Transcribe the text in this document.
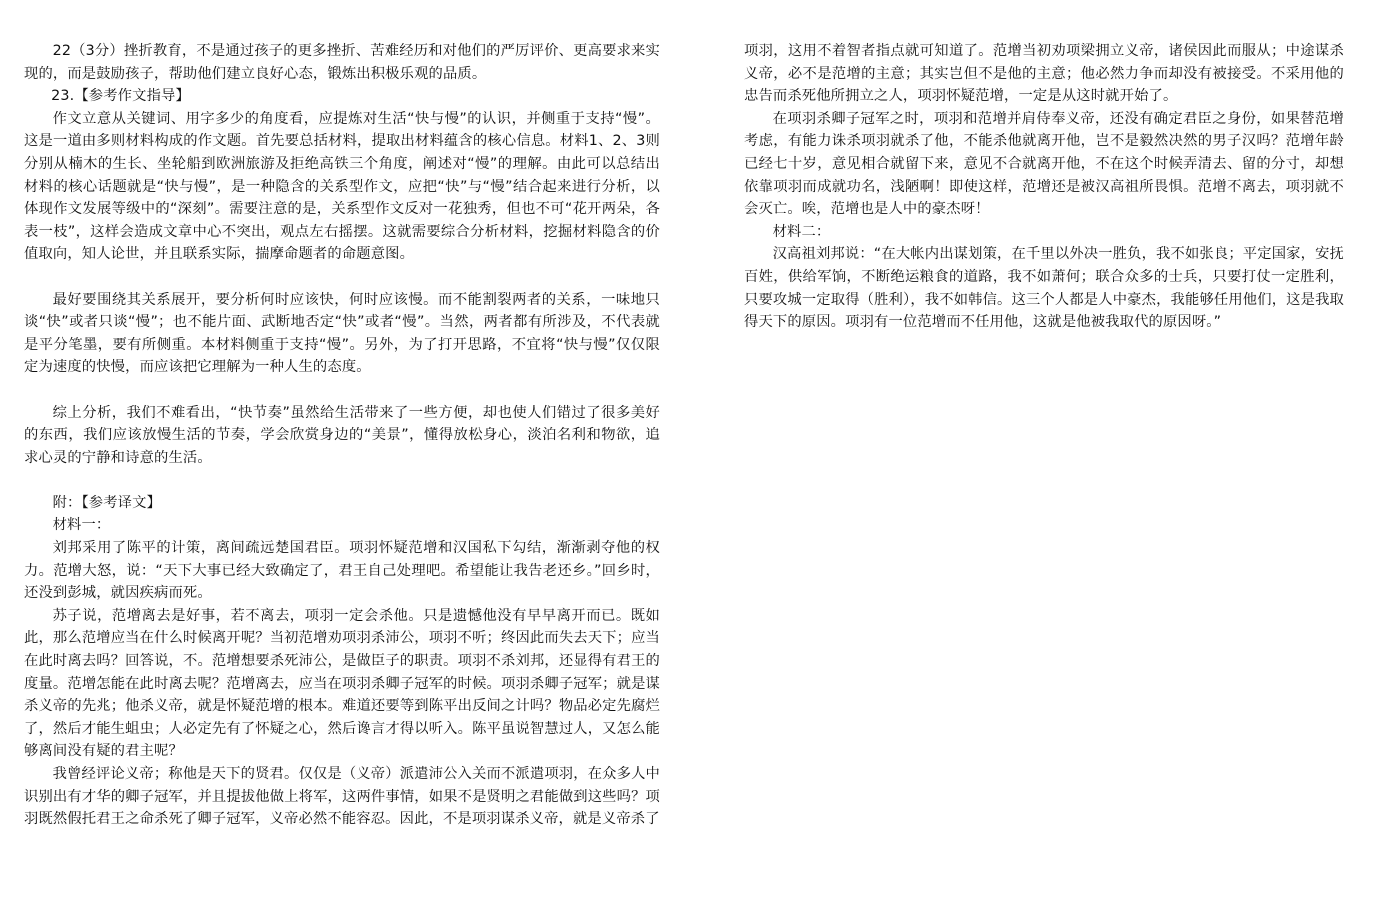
22（3分）挫折教育，不是通过孩子的更多挫折、苦难经历和对他们的严厉评价、更高要求来实现的，而是鼓励孩子，帮助他们建立良好心态，锻炼出积极乐观的品质。

23.【参考作文指导】

作文立意从关键词、用字多少的角度看，应提炼对生活“快与慢”的认识，并侧重于支持“慢”。这是一道由多则材料构成的作文题。首先要总括材料，提取出材料蕴含的核心信息。材料1、2、3则分别从楠木的生长、坐轮船到欧洲旅游及拒绝高铁三个角度，阐述对“慢”的理解。由此可以总结出材料的核心话题就是“快与慢”，是一种隐含的关系型作文，应把“快”与“慢”结合起来进行分析，以体现作文发展等级中的“深刻”。需要注意的是，关系型作文反对一花独秀，但也不可“花开两朵，各表一枝”，这样会造成文章中心不突出，观点左右摇摆。这就需要综合分析材料，挖掘材料隐含的价值取向，知人论世，并且联系实际，揣摩命题者的命题意图。

最好要围绕其关系展开，要分析何时应该快，何时应该慢。而不能割裂两者的关系，一味地只谈“快”或者只谈“慢”；也不能片面、武断地否定“快”或者“慢”。当然，两者都有所涉及，不代表就是平分笔墨，要有所侧重。本材料侧重于支持“慢”。另外，为了打开思路，不宜将“快与慢”仅仅限定为速度的快慢，而应该把它理解为一种人生的态度。

综上分析，我们不难看出，“快节奏”虽然给生活带来了一些方便，却也使人们错过了很多美好的东西，我们应该放慢生活的节奏，学会欣赏身边的“美景”，懂得放松身心，淡泊名利和物欲，追求心灵的宁静和诗意的生活。

附：【参考译文】

材料一：

刘邦采用了陈平的计策，离间疏远楚国君臣。项羽怀疑范增和汉国私下勾结，渐渐剥夺他的权力。范增大怒，说：“天下大事已经大致确定了，君王自己处理吧。希望能让我告老还乡。”回乡时，还没到彭城，就因疾病而死。

苏子说，范增离去是好事，若不离去，项羽一定会杀他。只是遗憾他没有早早离开而已。既如此，那么范增应当在什么时候离开呢？当初范增劝项羽杀沛公，项羽不听；终因此而失去天下；应当在此时离去吗？回答说，不。范增想要杀死沛公，是做臣子的职责。项羽不杀刘邦，还显得有君王的度量。范增怎能在此时离去呢？范增离去，应当在项羽杀卿子冠军的时候。项羽杀卿子冠军；就是谋杀义帝的先兆；他杀义帝，就是怀疑范增的根本。难道还要等到陈平出反间之计吗？物品必定先腐烂了，然后才能生蛆虫；人必定先有了怀疑之心，然后谗言才得以听入。陈平虽说智慧过人，又怎么能够离间没有疑的君主呢？

我曾经评论义帝；称他是天下的贤君。仅仅是（义帝）派遣沛公入关而不派遣项羽，在众多人中识别出有才华的卿子冠军，并且提拔他做上将军，这两件事情，如果不是贤明之君能做到这些吗？项羽既然假托君王之命杀死了卿子冠军，义帝必然不能容忍。因此，不是项羽谋杀义帝，就是义帝杀了

项羽，这用不着智者指点就可知道了。范增当初劝项梁拥立义帝，诸侯因此而服从；中途谋杀义帝，必不是范增的主意；其实岂但不是他的主意；他必然力争而却没有被接受。不采用他的忠告而杀死他所拥立之人，项羽怀疑范增，一定是从这时就开始了。

在项羽杀卿子冠军之时，项羽和范增并肩侍奉义帝，还没有确定君臣之身份，如果替范增考虑，有能力诛杀项羽就杀了他，不能杀他就离开他，岂不是毅然决然的男子汉吗？范增年龄已经七十岁，意见相合就留下来，意见不合就离开他，不在这个时候弄清去、留的分寸，却想依靠项羽而成就功名，浅陋啊！即使这样，范增还是被汉高祖所畏惧。范增不离去，项羽就不会灭亡。唉，范增也是人中的豪杰呀！

材料二：

汉高祖刘邦说：“在大帐内出谋划策，在千里以外决一胜负，我不如张良；平定国家，安抚百姓，供给军饷，不断绝运粮食的道路，我不如萧何；联合众多的士兵，只要打仗一定胜利，只要攻城一定取得（胜利），我不如韩信。这三个人都是人中豪杰，我能够任用他们，这是我取得天下的原因。项羽有一位范增而不任用他，这就是他被我取代的原因呀。”
